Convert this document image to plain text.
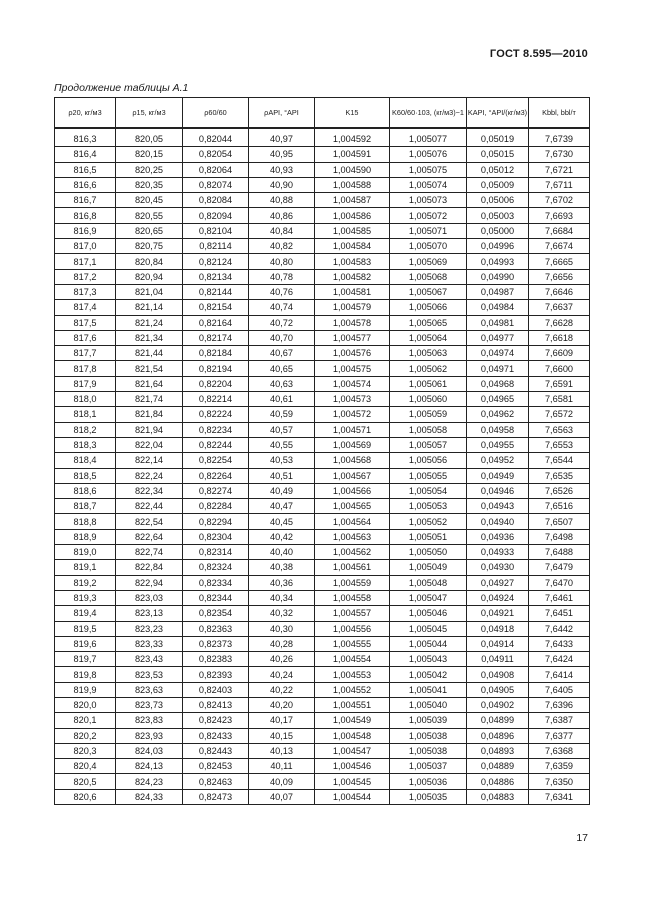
ГОСТ 8.595—2010
Продолжение таблицы А.1
ρ20, кг/м3	ρ15, кг/м3	ρ60/60	ρAPI, °API	K15	K60/60·103, (кг/м3)−1	KAPI, °API/(кг/м3)	Kbbl, bbl/т
816,3	820,05	0,82044	40,97	1,004592	1,005077	0,05019	7,6739
816,4	820,15	0,82054	40,95	1,004591	1,005076	0,05015	7,6730
816,5	820,25	0,82064	40,93	1,004590	1,005075	0,05012	7,6721
816,6	820,35	0,82074	40,90	1,004588	1,005074	0,05009	7,6711
816,7	820,45	0,82084	40,88	1,004587	1,005073	0,05006	7,6702
816,8	820,55	0,82094	40,86	1,004586	1,005072	0,05003	7,6693
816,9	820,65	0,82104	40,84	1,004585	1,005071	0,05000	7,6684
817,0	820,75	0,82114	40,82	1,004584	1,005070	0,04996	7,6674
817,1	820,84	0,82124	40,80	1,004583	1,005069	0,04993	7,6665
817,2	820,94	0,82134	40,78	1,004582	1,005068	0,04990	7,6656
817,3	821,04	0,82144	40,76	1,004581	1,005067	0,04987	7,6646
817,4	821,14	0,82154	40,74	1,004579	1,005066	0,04984	7,6637
817,5	821,24	0,82164	40,72	1,004578	1,005065	0,04981	7,6628
817,6	821,34	0,82174	40,70	1,004577	1,005064	0,04977	7,6618
817,7	821,44	0,82184	40,67	1,004576	1,005063	0,04974	7,6609
817,8	821,54	0,82194	40,65	1,004575	1,005062	0,04971	7,6600
817,9	821,64	0,82204	40,63	1,004574	1,005061	0,04968	7,6591
818,0	821,74	0,82214	40,61	1,004573	1,005060	0,04965	7,6581
818,1	821,84	0,82224	40,59	1,004572	1,005059	0,04962	7,6572
818,2	821,94	0,82234	40,57	1,004571	1,005058	0,04958	7,6563
818,3	822,04	0,82244	40,55	1,004569	1,005057	0,04955	7,6553
818,4	822,14	0,82254	40,53	1,004568	1,005056	0,04952	7,6544
818,5	822,24	0,82264	40,51	1,004567	1,005055	0,04949	7,6535
818,6	822,34	0,82274	40,49	1,004566	1,005054	0,04946	7,6526
818,7	822,44	0,82284	40,47	1,004565	1,005053	0,04943	7,6516
818,8	822,54	0,82294	40,45	1,004564	1,005052	0,04940	7,6507
818,9	822,64	0,82304	40,42	1,004563	1,005051	0,04936	7,6498
819,0	822,74	0,82314	40,40	1,004562	1,005050	0,04933	7,6488
819,1	822,84	0,82324	40,38	1,004561	1,005049	0,04930	7,6479
819,2	822,94	0,82334	40,36	1,004559	1,005048	0,04927	7,6470
819,3	823,03	0,82344	40,34	1,004558	1,005047	0,04924	7,6461
819,4	823,13	0,82354	40,32	1,004557	1,005046	0,04921	7,6451
819,5	823,23	0,82363	40,30	1,004556	1,005045	0,04918	7,6442
819,6	823,33	0,82373	40,28	1,004555	1,005044	0,04914	7,6433
819,7	823,43	0,82383	40,26	1,004554	1,005043	0,04911	7,6424
819,8	823,53	0,82393	40,24	1,004553	1,005042	0,04908	7,6414
819,9	823,63	0,82403	40,22	1,004552	1,005041	0,04905	7,6405
820,0	823,73	0,82413	40,20	1,004551	1,005040	0,04902	7,6396
820,1	823,83	0,82423	40,17	1,004549	1,005039	0,04899	7,6387
820,2	823,93	0,82433	40,15	1,004548	1,005038	0,04896	7,6377
820,3	824,03	0,82443	40,13	1,004547	1,005038	0,04893	7,6368
820,4	824,13	0,82453	40,11	1,004546	1,005037	0,04889	7,6359
820,5	824,23	0,82463	40,09	1,004545	1,005036	0,04886	7,6350
820,6	824,33	0,82473	40,07	1,004544	1,005035	0,04883	7,6341
17
